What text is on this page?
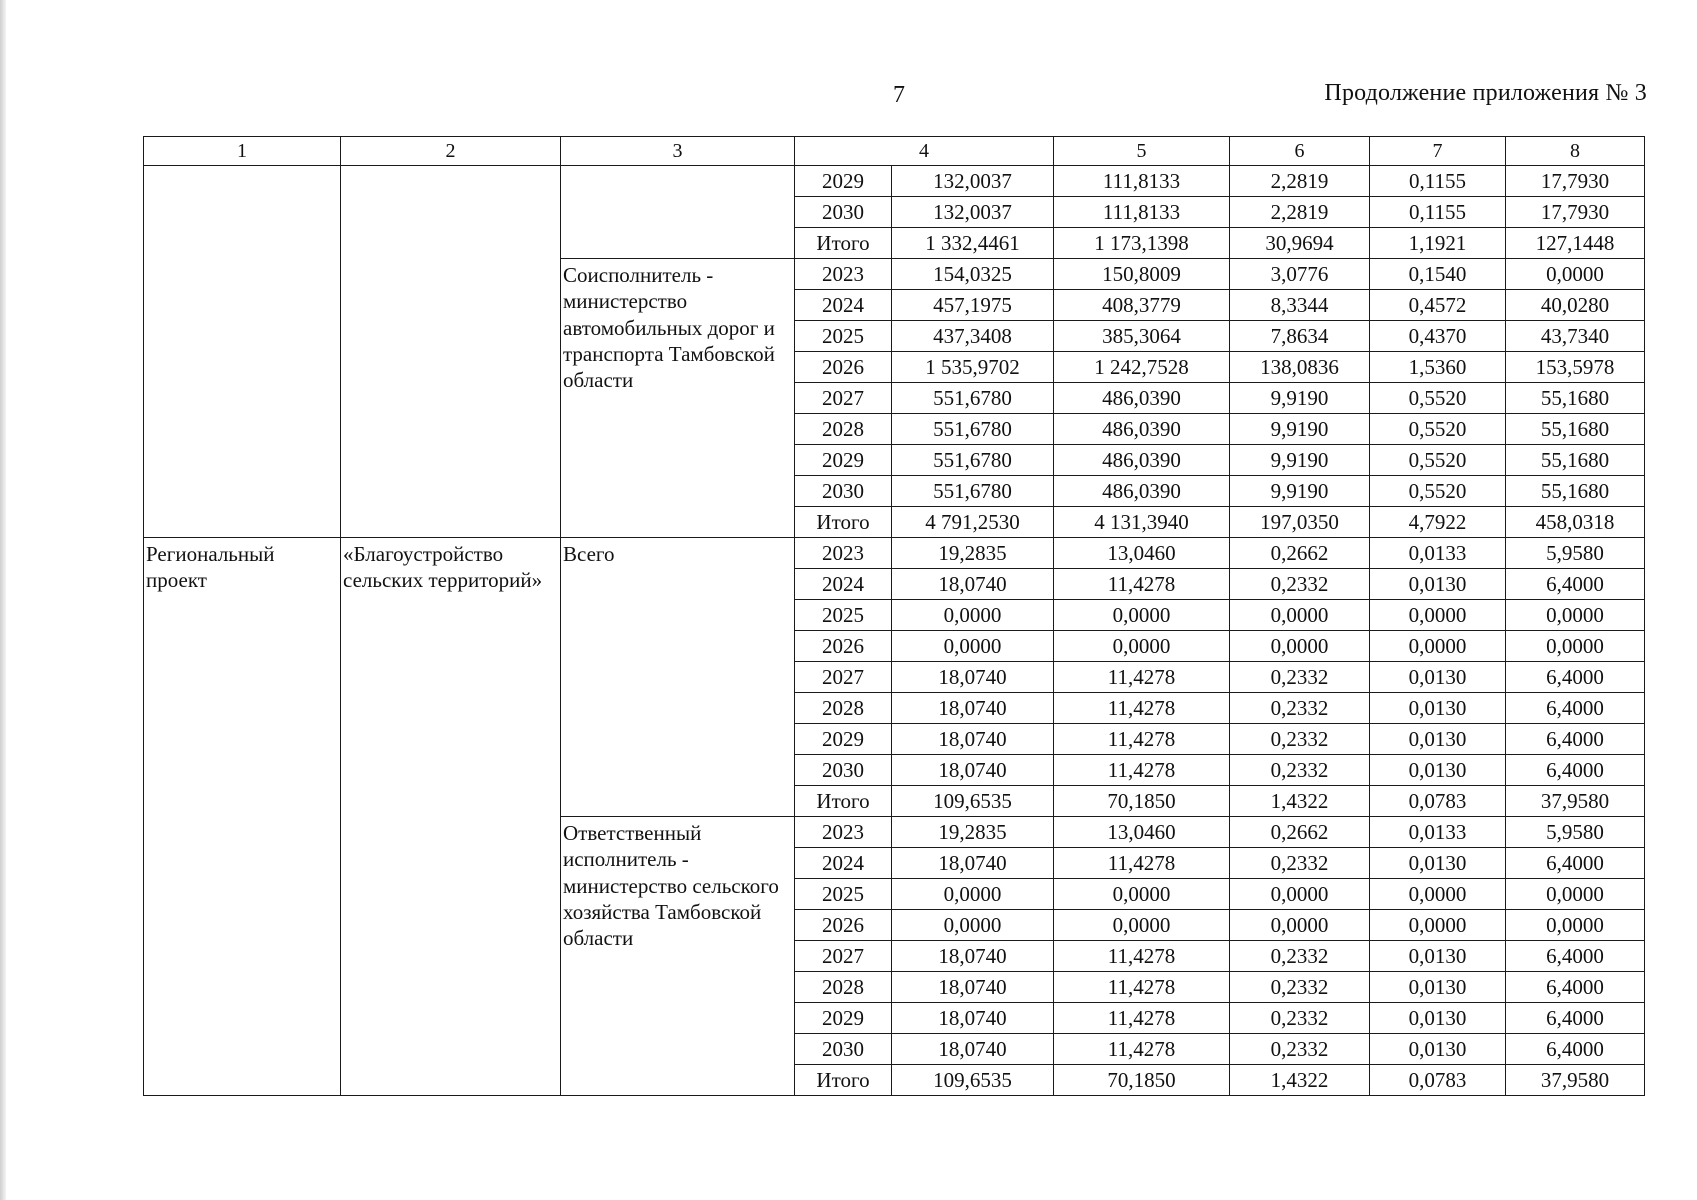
7	Продолжение приложения № 3
1	2	3	4		5	6	7	8
			2029	132,0037	111,8133	2,2819	0,1155	17,7930
			2030	132,0037	111,8133	2,2819	0,1155	17,7930
			Итого	1 332,4461	1 173,1398	30,9694	1,1921	127,1448
		Соисполнитель - министерство автомобильных дорог и транспорта Тамбовской области	2023	154,0325	150,8009	3,0776	0,1540	0,0000
			2024	457,1975	408,3779	8,3344	0,4572	40,0280
			2025	437,3408	385,3064	7,8634	0,4370	43,7340
			2026	1 535,9702	1 242,7528	138,0836	1,5360	153,5978
			2027	551,6780	486,0390	9,9190	0,5520	55,1680
			2028	551,6780	486,0390	9,9190	0,5520	55,1680
			2029	551,6780	486,0390	9,9190	0,5520	55,1680
			2030	551,6780	486,0390	9,9190	0,5520	55,1680
			Итого	4 791,2530	4 131,3940	197,0350	4,7922	458,0318
Региональный проект	«Благоустройство сельских территорий»	Всего	2023	19,2835	13,0460	0,2662	0,0133	5,9580
			2024	18,0740	11,4278	0,2332	0,0130	6,4000
			2025	0,0000	0,0000	0,0000	0,0000	0,0000
			2026	0,0000	0,0000	0,0000	0,0000	0,0000
			2027	18,0740	11,4278	0,2332	0,0130	6,4000
			2028	18,0740	11,4278	0,2332	0,0130	6,4000
			2029	18,0740	11,4278	0,2332	0,0130	6,4000
			2030	18,0740	11,4278	0,2332	0,0130	6,4000
			Итого	109,6535	70,1850	1,4322	0,0783	37,9580
		Ответственный исполнитель - министерство сельского хозяйства Тамбовской области	2023	19,2835	13,0460	0,2662	0,0133	5,9580
			2024	18,0740	11,4278	0,2332	0,0130	6,4000
			2025	0,0000	0,0000	0,0000	0,0000	0,0000
			2026	0,0000	0,0000	0,0000	0,0000	0,0000
			2027	18,0740	11,4278	0,2332	0,0130	6,4000
			2028	18,0740	11,4278	0,2332	0,0130	6,4000
			2029	18,0740	11,4278	0,2332	0,0130	6,4000
			2030	18,0740	11,4278	0,2332	0,0130	6,4000
			Итого	109,6535	70,1850	1,4322	0,0783	37,9580
